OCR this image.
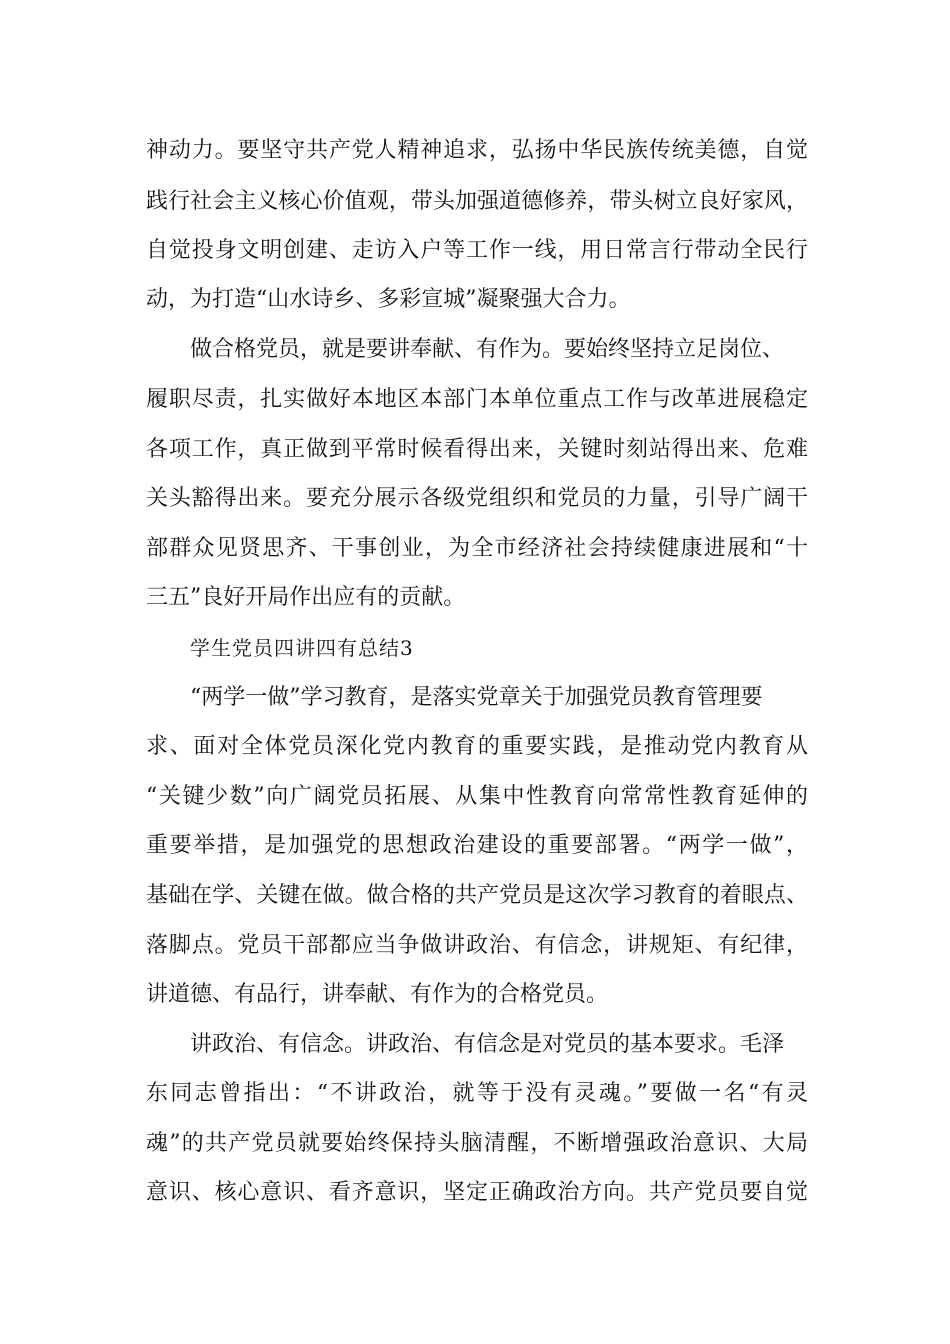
神动力。要坚守共产党人精神追求，弘扬中华民族传统美德，自觉
践行社会主义核心价值观，带头加强道德修养，带头树立良好家风，
自觉投身文明创建、走访入户等工作一线，用日常言行带动全民行
动，为打造“山水诗乡、多彩宣城”凝聚强大合力。
做合格党员，就是要讲奉献、有作为。要始终坚持立足岗位、
履职尽责，扎实做好本地区本部门本单位重点工作与改革进展稳定
各项工作，真正做到平常时候看得出来，关键时刻站得出来、危难
关头豁得出来。要充分展示各级党组织和党员的力量，引导广阔干
部群众见贤思齐、干事创业，为全市经济社会持续健康进展和“十
三五”良好开局作出应有的贡献。
学生党员四讲四有总结3
“两学一做”学习教育，是落实党章关于加强党员教育管理要
求、面对全体党员深化党内教育的重要实践，是推动党内教育从
“关键少数”向广阔党员拓展、从集中性教育向常常性教育延伸的
重要举措，是加强党的思想政治建设的重要部署。“两学一做”，
基础在学、关键在做。做合格的共产党员是这次学习教育的着眼点、
落脚点。党员干部都应当争做讲政治、有信念，讲规矩、有纪律，
讲道德、有品行，讲奉献、有作为的合格党员。
讲政治、有信念。讲政治、有信念是对党员的基本要求。毛泽
东同志曾指出：“不讲政治，就等于没有灵魂。”要做一名“有灵
魂”的共产党员就要始终保持头脑清醒，不断增强政治意识、大局
意识、核心意识、看齐意识，坚定正确政治方向。共产党员要自觉
